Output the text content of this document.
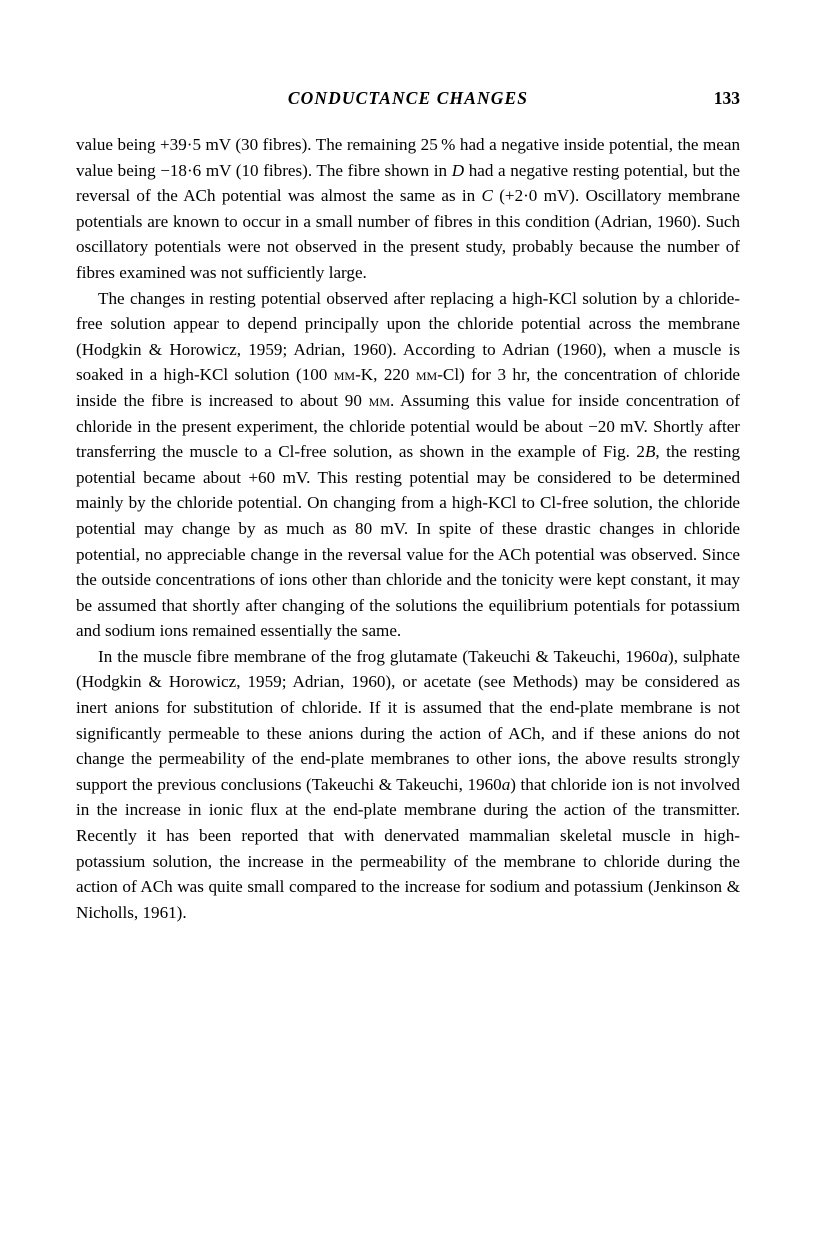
CONDUCTANCE CHANGES	133

value being +39·5 mV (30 fibres). The remaining 25 % had a negative inside potential, the mean value being −18·6 mV (10 fibres). The fibre shown in D had a negative resting potential, but the reversal of the ACh potential was almost the same as in C (+2·0 mV). Oscillatory membrane potentials are known to occur in a small number of fibres in this condition (Adrian, 1960). Such oscillatory potentials were not observed in the present study, probably because the number of fibres examined was not sufficiently large.

The changes in resting potential observed after replacing a high-KCl solution by a chloride-free solution appear to depend principally upon the chloride potential across the membrane (Hodgkin & Horowicz, 1959; Adrian, 1960). According to Adrian (1960), when a muscle is soaked in a high-KCl solution (100 mm-K, 220 mm-Cl) for 3 hr, the concentration of chloride inside the fibre is increased to about 90 mm. Assuming this value for inside concentration of chloride in the present experiment, the chloride potential would be about −20 mV. Shortly after transferring the muscle to a Cl-free solution, as shown in the example of Fig. 2B, the resting potential became about +60 mV. This resting potential may be considered to be determined mainly by the chloride potential. On changing from a high-KCl to Cl-free solution, the chloride potential may change by as much as 80 mV. In spite of these drastic changes in chloride potential, no appreciable change in the reversal value for the ACh potential was observed. Since the outside concentrations of ions other than chloride and the tonicity were kept constant, it may be assumed that shortly after changing of the solutions the equilibrium potentials for potassium and sodium ions remained essentially the same.

In the muscle fibre membrane of the frog glutamate (Takeuchi & Takeuchi, 1960a), sulphate (Hodgkin & Horowicz, 1959; Adrian, 1960), or acetate (see Methods) may be considered as inert anions for substitution of chloride. If it is assumed that the end-plate membrane is not significantly permeable to these anions during the action of ACh, and if these anions do not change the permeability of the end-plate membranes to other ions, the above results strongly support the previous conclusions (Takeuchi & Takeuchi, 1960a) that chloride ion is not involved in the increase in ionic flux at the end-plate membrane during the action of the transmitter. Recently it has been reported that with denervated mammalian skeletal muscle in high-potassium solution, the increase in the permeability of the membrane to chloride during the action of ACh was quite small compared to the increase for sodium and potassium (Jenkinson & Nicholls, 1961).
